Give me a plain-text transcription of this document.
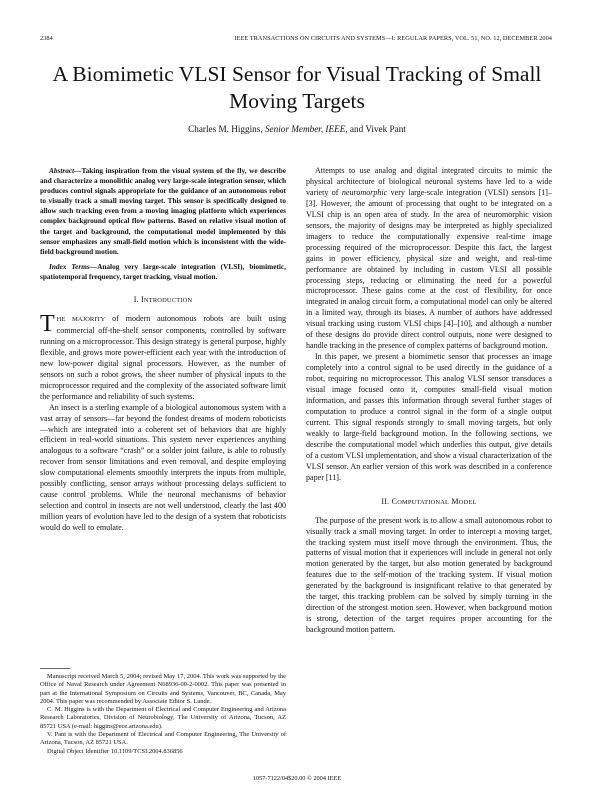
2384	IEEE TRANSACTIONS ON CIRCUITS AND SYSTEMS—I: REGULAR PAPERS, VOL. 51, NO. 12, DECEMBER 2004
A Biomimetic VLSI Sensor for Visual Tracking of Small Moving Targets
Charles M. Higgins, Senior Member, IEEE, and Vivek Pant

Abstract—Taking inspiration from the visual system of the fly, we describe and characterize a monolithic analog very large-scale integration sensor, which produces control signals appropriate for the guidance of an autonomous robot to visually track a small moving target. This sensor is specifically designed to allow such tracking even from a moving imaging platform which experiences complex background optical flow patterns. Based on relative visual motion of the target and background, the computational model implemented by this sensor emphasizes any small-field motion which is inconsistent with the wide-field background motion.

Index Terms—Analog very large-scale integration (VLSI), biomimetic, spatiotemporal frequency, target tracking, visual motion.

I. INTRODUCTION

THE MAJORITY of modern autonomous robots are built using commercial off-the-shelf sensor components, controlled by software running on a microprocessor. This design strategy is general purpose, highly flexible, and grows more power-efficient each year with the introduction of new low-power digital signal processors. However, as the number of sensors on such a robot grows, the sheer number of physical inputs to the microprocessor required and the complexity of the associated software limit the performance and reliability of such systems.

An insect is a sterling example of a biological autonomous system with a vast array of sensors—far beyond the fondest dreams of modern roboticists—which are integrated into a coherent set of behaviors that are highly efficient in real-world situations. This system never experiences anything analogous to a software “crash” or a solder joint failure, is able to robustly recover from sensor limitations and even removal, and despite employing slow computational elements smoothly interprets the inputs from multiple, possibly conflicting, sensor arrays without processing delays sufficient to cause control problems. While the neuronal mechanisms of behavior selection and control in insects are not well understood, clearly the last 400 million years of evolution have led to the design of a system that roboticists would do well to emulate.

Manuscript received March 5, 2004; revised May 17, 2004. This work was supported by the Office of Naval Research under Agreement N68936-00-2-0002. This paper was presented in part at the International Symposium on Circuits and Systems, Vancouver, BC, Canada, May 2004. This paper was recommended by Associate Editor S. Lande.

C. M. Higgins is with the Department of Electrical and Computer Engineering and Arizona Research Laboratories, Division of Neurobiology, The University of Arizona, Tucson, AZ 85721 USA (e-mail: higgins@ece.arizona.edu).

V. Pant is with the Department of Electrical and Computer Engineering, The University of Arizona, Tucson, AZ 85721 USA.

Digital Object Identifier 10.1109/TCSI.2004.836856

Attempts to use analog and digital integrated circuits to mimic the physical architecture of biological neuronal systems have led to a wide variety of neuromorphic very large-scale integration (VLSI) sensors [1]–[3]. However, the amount of processing that ought to be integrated on a VLSI chip is an open area of study. In the area of neuromorphic vision sensors, the majority of designs may be interpreted as highly specialized imagers to reduce the computationally expensive real-time image processing required of the microprocessor. Despite this fact, the largest gains in power efficiency, physical size and weight, and real-time performance are obtained by including in custom VLSI all possible processing steps, reducing or eliminating the need for a powerful microprocessor. These gains come at the cost of flexibility, for once integrated in analog circuit form, a computational model can only be altered in a limited way, through its biases. A number of authors have addressed visual tracking using custom VLSI chips [4]–[10], and although a number of these designs do provide direct control outputs, none were designed to handle tracking in the presence of complex patterns of background motion.

In this paper, we present a biomimetic sensor that processes an image completely into a control signal to be used directly in the guidance of a robot, requiring no microprocessor. This analog VLSI sensor transduces a visual image focused onto it, computes small-field visual motion information, and passes this information through several further stages of computation to produce a control signal in the form of a single output current. This signal responds strongly to small moving targets, but only weakly to large-field background motion. In the following sections, we describe the computational model which underlies this output, give details of a custom VLSI implementation, and show a visual characterization of the VLSI sensor. An earlier version of this work was described in a conference paper [11].

II. COMPUTATIONAL MODEL

The purpose of the present work is to allow a small autonomous robot to visually track a small moving target. In order to intercept a moving target, the tracking system must itself move through the environment. Thus, the patterns of visual motion that it experiences will include in general not only motion generated by the target, but also motion generated by background features due to the self-motion of the tracking system. If visual motion generated by the background is insignificant relative to that generated by the target, this tracking problem can be solved by simply turning in the direction of the strongest motion seen. However, when background motion is strong, detection of the target requires proper accounting for the background motion pattern.

1057-7122/04$20.00 © 2004 IEEE
